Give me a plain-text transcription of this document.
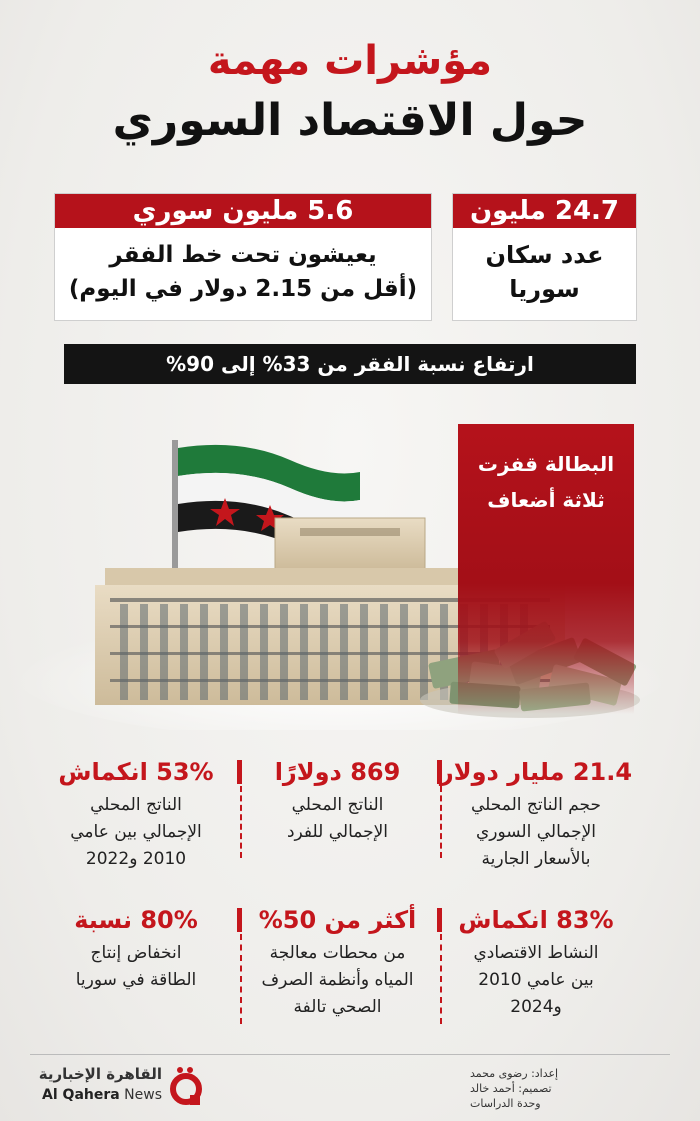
مؤشرات مهمة
حول الاقتصاد السوري
24.7 مليون
عدد سكان
سوريا
5.6 مليون سوري
يعيشون تحت خط الفقر
(أقل من 2.15 دولار في اليوم)
ارتفاع نسبة الفقر من 33% إلى 90%
البطالة قفزت
ثلاثة أضعاف
21.4 مليار دولار
حجم الناتج المحلي
الإجمالي السوري
بالأسعار الجارية
869 دولارًا
الناتج المحلي
الإجمالي للفرد
53% انكماش
الناتج المحلي
الإجمالي بين عامي
2010 و2022
83% انكماش
النشاط الاقتصادي
بين عامي 2010
و2024
أكثر من 50%
من محطات معالجة
المياه وأنظمة الصرف
الصحي تالفة
80% نسبة
انخفاض إنتاج
الطاقة في سوريا
القاهرة الإخبارية
Al Qahera News
إعداد: رضوى محمد
تصميم: أحمد خالد
وحدة الدراسات
